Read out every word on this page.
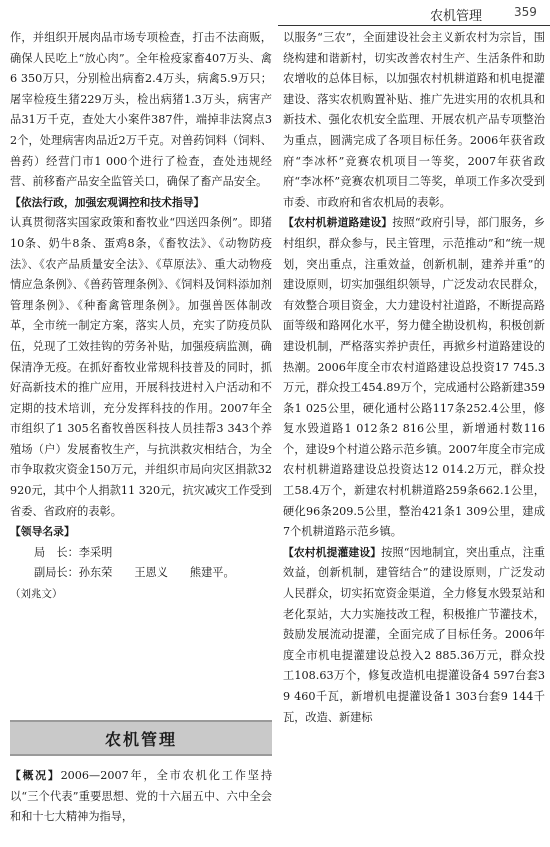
农机管理	359

作，并组织开展肉品市场专项检查，打击不法商贩，确保人民吃上“放心肉”。全年检疫家畜407万头、禽6 350万只，分别检出病畜2.4万头，病禽5.9万只；屠宰检疫生猪229万头，检出病猪1.3万头，病害产品31万千克，查处大小案件387件，端掉非法窝点32个，处理病害肉品近2万千克。对兽药饲料（饲料、兽药）经营门市1 000个进行了检查，查处违规经营、前移畜产品安全监管关口，确保了畜产品安全。

【依法行政，加强宏观调控和技术指导】

认真贯彻落实国家政策和畜牧业“四送四条例”。即猪10条、奶牛8条、蛋鸡8条，《畜牧法》、《动物防疫法》、《农产品质量安全法》、《草原法》、重大动物疫情应急条例》、《兽药管理条例》、《饲料及饲料添加剂管理条例》、《种畜禽管理条例》。加强兽医体制改革，全市统一制定方案，落实人员，充实了防疫员队伍，兑现了工效挂钩的劳务补贴，加强疫病监测，确保清净无疫。在抓好畜牧业常规科技普及的同时，抓好高新技术的推广应用，开展科技进村入户活动和不定期的技术培训，充分发挥科技的作用。2007年全市组织了1 305名畜牧兽医科技人员挂帮3 343个养殖场（户）发展畜牧生产，与抗洪救灾相结合，为全市争取救灾资金150万元，并组织市局向灾区捐款32 920元，其中个人捐款11 320元，抗灾减灾工作受到省委、省政府的表彰。

【领导名录】

局　长：李采明

副局长：孙东荣 王恩义 熊建平。

（刘兆文）

农机管理

【概况】2006—2007年，全市农机化工作坚持以“三个代表”重要思想、党的十六届五中、六中全会和和十七大精神为指导，

以服务“三农”，全面建设社会主义新农村为宗旨，围绕构建和谐新村，切实改善农村生产、生活条件和助农增收的总体目标，以加强农村机耕道路和机电提灌建设、落实农机购置补贴、推广先进实用的农机具和新技术、强化农机安全监理、开展农机产品专项整治为重点，圆满完成了各项目标任务。2006年获省政府“李冰杯”竞赛农机项目一等奖，2007年获省政府“李冰杯”竞赛农机项目二等奖，单项工作多次受到市委、市政府和省农机局的表彰。

【农村机耕道路建设】按照“政府引导，部门服务，乡村组织，群众参与，民主管理，示范推动”和“统一规划，突出重点，注重效益，创新机制，建养并重”的建设原则，切实加强组织领导，广泛发动农民群众，有效整合项目资金，大力建设村社道路，不断提高路面等级和路网化水平，努力健全勘设机构，积极创新建设机制，严格落实养护责任，再掀乡村道路建设的热潮。2006年度全市农村道路建设总投资17 745.3万元，群众投工454.89万个，完成通村公路新建359条1 025公里，硬化通村公路117条252.4公里，修复水毁道路1 012条2 816公里，新增通村数116个，建设9个村道公路示范乡镇。2007年度全市完成农村机耕道路建设总投资达12 014.2万元，群众投工58.4万个，新建农村机耕道路259条662.1公里，硬化96条209.5公里，整治421条1 309公里，建成7个机耕道路示范乡镇。

【农村机提灌建设】按照“因地制宜，突出重点，注重效益，创新机制，建管结合”的建设原则，广泛发动人民群众，切实拓宽资金渠道，全力修复水毁泵站和老化泵站，大力实施技改工程，积极推广节灌技术，鼓励发展流动提灌，全面完成了目标任务。2006年度全市机电提灌建设总投入2 885.36万元，群众投工108.63万个，修复改造机电提灌设备4 597台套39 460千瓦，新增机电提灌设备1 303台套9 144千瓦，改造、新建标
